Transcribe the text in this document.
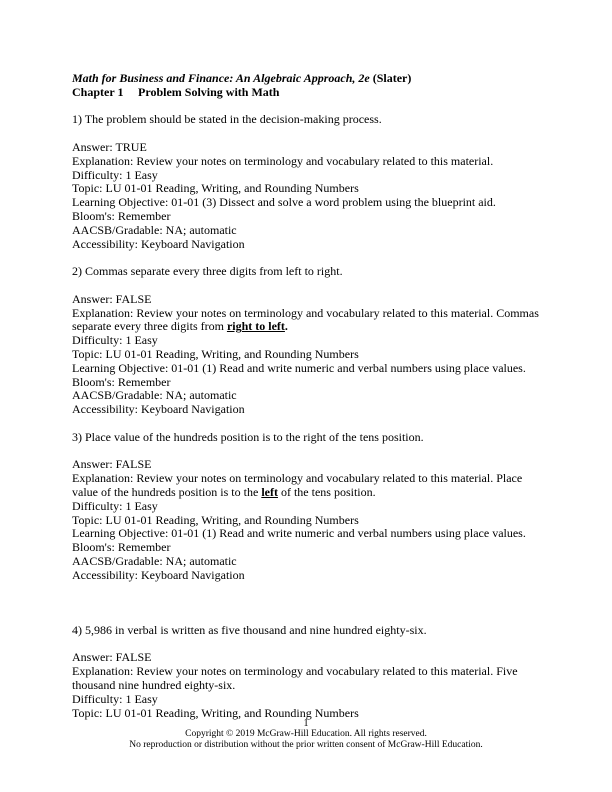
Math for Business and Finance: An Algebraic Approach, 2e (Slater)
Chapter 1 Problem Solving with Math
1) The problem should be stated in the decision-making process.
Answer: TRUE
Explanation: Review your notes on terminology and vocabulary related to this material.
Difficulty: 1 Easy
Topic: LU 01-01 Reading, Writing, and Rounding Numbers
Learning Objective: 01-01 (3) Dissect and solve a word problem using the blueprint aid.
Bloom's: Remember
AACSB/Gradable: NA; automatic
Accessibility: Keyboard Navigation
2) Commas separate every three digits from left to right.
Answer: FALSE
Explanation: Review your notes on terminology and vocabulary related to this material. Commas separate every three digits from right to left.
Difficulty: 1 Easy
Topic: LU 01-01 Reading, Writing, and Rounding Numbers
Learning Objective: 01-01 (1) Read and write numeric and verbal numbers using place values.
Bloom's: Remember
AACSB/Gradable: NA; automatic
Accessibility: Keyboard Navigation
3) Place value of the hundreds position is to the right of the tens position.
Answer: FALSE
Explanation: Review your notes on terminology and vocabulary related to this material. Place value of the hundreds position is to the left of the tens position.
Difficulty: 1 Easy
Topic: LU 01-01 Reading, Writing, and Rounding Numbers
Learning Objective: 01-01 (1) Read and write numeric and verbal numbers using place values.
Bloom's: Remember
AACSB/Gradable: NA; automatic
Accessibility: Keyboard Navigation
4) 5,986 in verbal is written as five thousand and nine hundred eighty-six.
Answer: FALSE
Explanation: Review your notes on terminology and vocabulary related to this material. Five thousand nine hundred eighty-six.
Difficulty: 1 Easy
Topic: LU 01-01 Reading, Writing, and Rounding Numbers
1
Copyright © 2019 McGraw-Hill Education. All rights reserved.
No reproduction or distribution without the prior written consent of McGraw-Hill Education.
